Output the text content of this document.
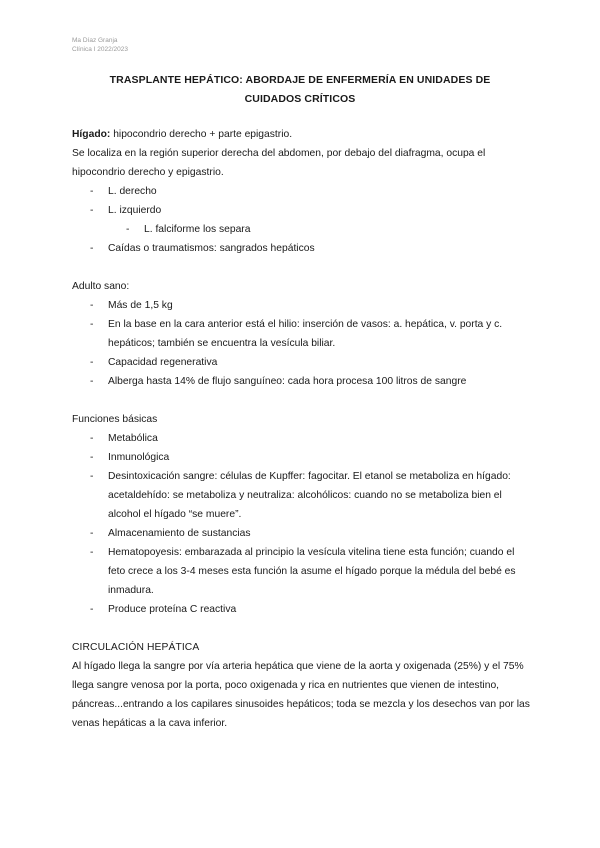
Ma Díaz Granja
Clínica I 2022/2023
TRASPLANTE HEPÁTICO: ABORDAJE DE ENFERMERÍA EN UNIDADES DE
CUIDADOS CRÍTICOS

Hígado: hipocondrio derecho + parte epigastrio.

Se localiza en la región superior derecha del abdomen, por debajo del diafragma, ocupa el hipocondrio derecho y epigastrio.

- L. derecho
- L. izquierdo
- L. falciforme los separa
- Caídas o traumatismos: sangrados hepáticos

Adulto sano:

- Más de 1,5 kg
- En la base en la cara anterior está el hilio: inserción de vasos: a. hepática, v. porta y c. hepáticos; también se encuentra la vesícula biliar.
- Capacidad regenerativa
- Alberga hasta 14% de flujo sanguíneo: cada hora procesa 100 litros de sangre

Funciones básicas

- Metabólica
- Inmunológica
- Desintoxicación sangre: células de Kupffer: fagocitar. El etanol se metaboliza en hígado: acetaldehído: se metaboliza y neutraliza: alcohólicos: cuando no se metaboliza bien el alcohol el hígado “se muere”.
- Almacenamiento de sustancias
- Hematopoyesis: embarazada al principio la vesícula vitelina tiene esta función; cuando el feto crece a los 3-4 meses esta función la asume el hígado porque la médula del bebé es inmadura.
- Produce proteína C reactiva

CIRCULACIÓN HEPÁTICA

Al hígado llega la sangre por vía arteria hepática que viene de la aorta y oxigenada (25%) y el 75% llega sangre venosa por la porta, poco oxigenada y rica en nutrientes que vienen de intestino, páncreas...entrando a los capilares sinusoides hepáticos; toda se mezcla y los desechos van por las venas hepáticas a la cava inferior.
